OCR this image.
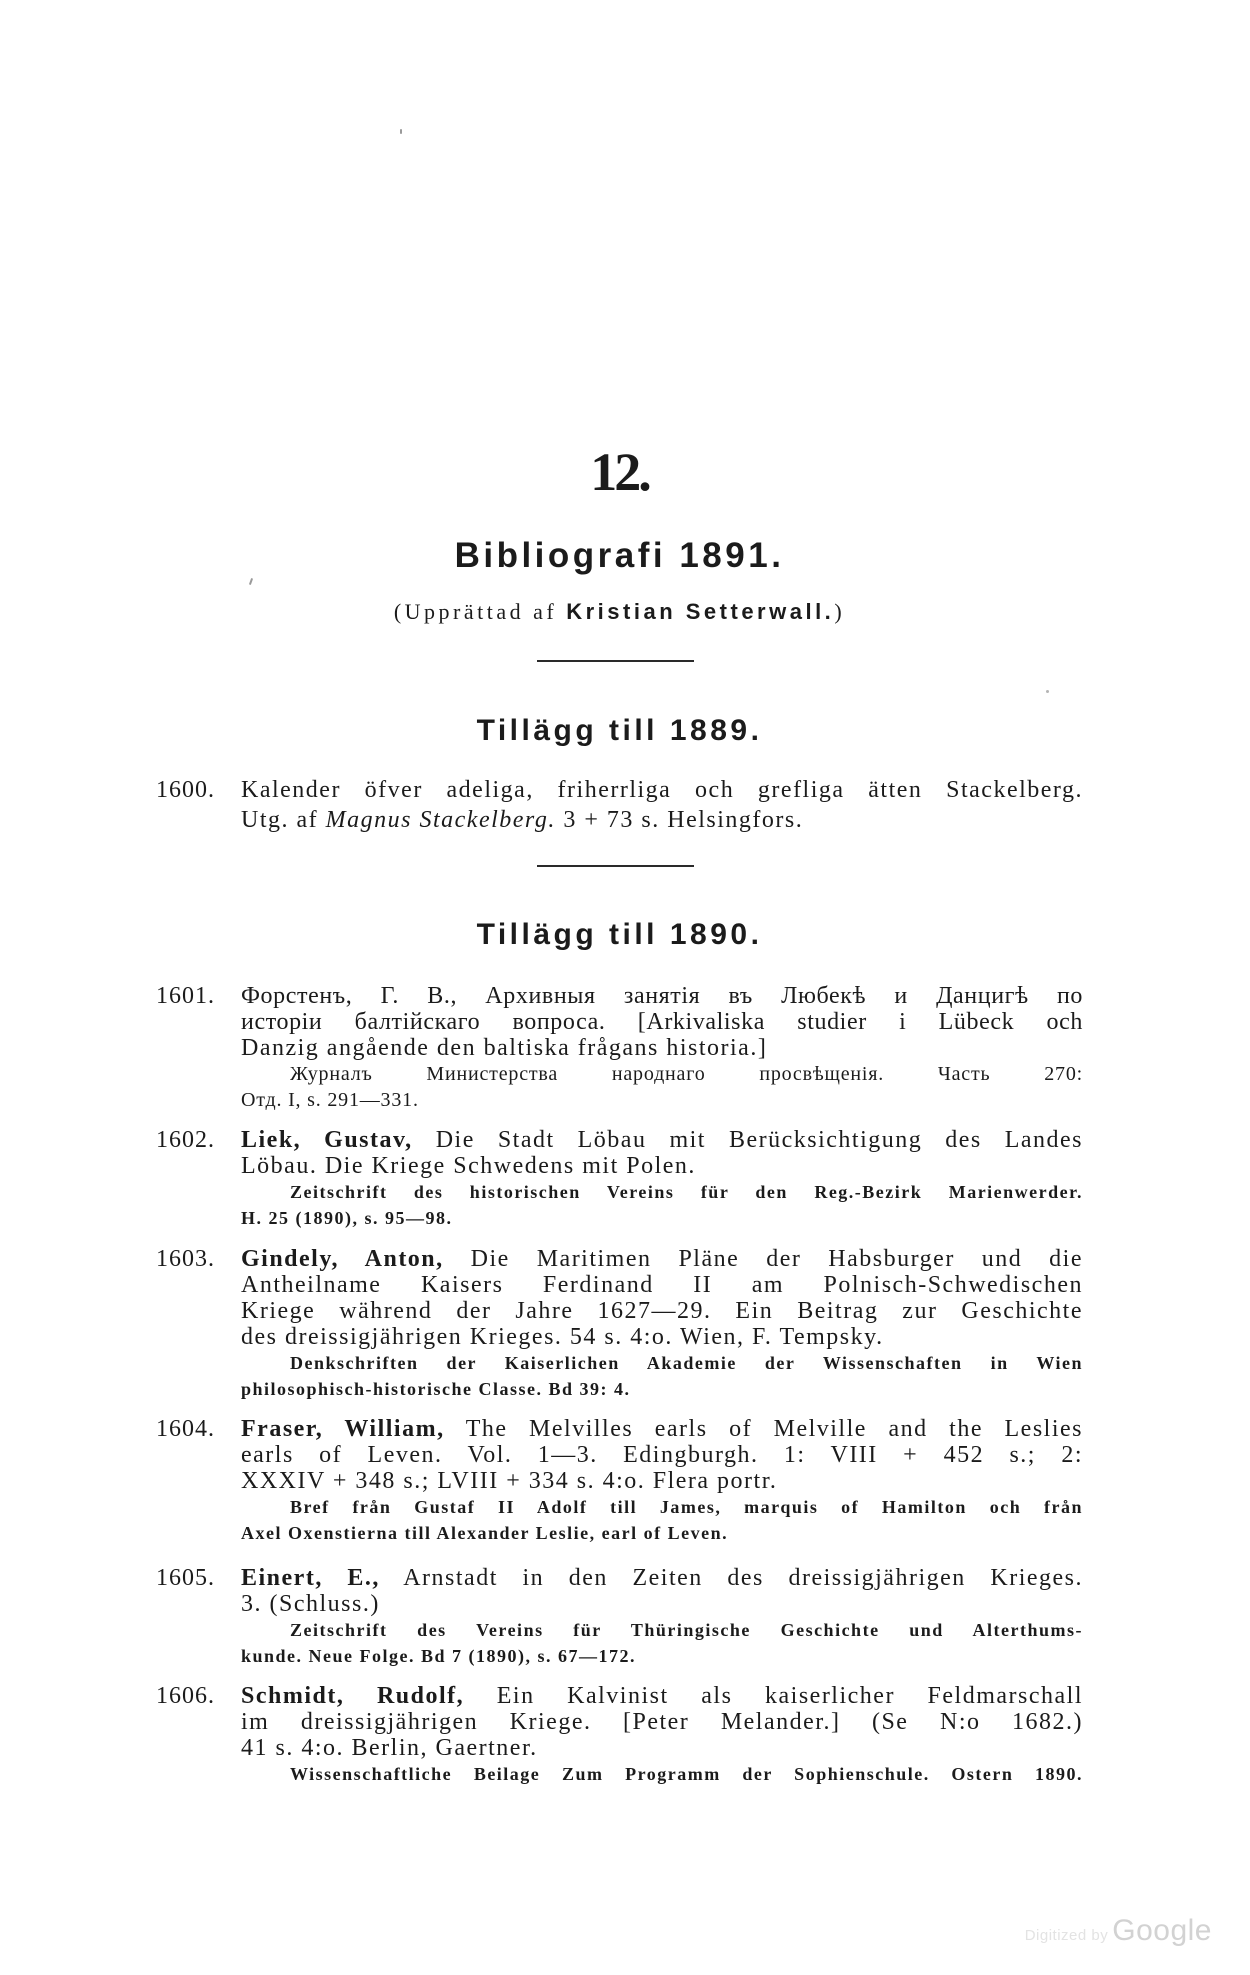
12.
Bibliografi 1891.
(Upprättad af Kristian Setterwall.)
Tillägg till 1889.
1600. Kalender öfver adeliga, friherrliga och grefliga ätten Stackelberg.
Utg. af Magnus Stackelberg. 3 + 73 s. Helsingfors.
Tillägg till 1890.
1601. Форстенъ, Г. В., Архивныя занятія въ Любекѣ и Данцигѣ по
исторіи балтійскаго вопроса. [Arkivaliska studier i Lübeck och
Danzig angående den baltiska frågans historia.]
Журналъ Министерства народнаго просвѣщенія. Часть 270:
Отд. I, s. 291—331.
1602. Liek, Gustav, Die Stadt Löbau mit Berücksichtigung des Landes
Löbau. Die Kriege Schwedens mit Polen.
Zeitschrift des historischen Vereins für den Reg.-Bezirk Marienwerder.
H. 25 (1890), s. 95—98.
1603. Gindely, Anton, Die Maritimen Pläne der Habsburger und die
Antheilname Kaisers Ferdinand II am Polnisch-Schwedischen
Kriege während der Jahre 1627—29. Ein Beitrag zur Geschichte
des dreissigjährigen Krieges. 54 s. 4:o. Wien, F. Tempsky.
Denkschriften der Kaiserlichen Akademie der Wissenschaften in Wien
philosophisch-historische Classe. Bd 39: 4.
1604. Fraser, William, The Melvilles earls of Melville and the Leslies
earls of Leven. Vol. 1—3. Edingburgh. 1: VIII + 452 s.; 2:
XXXIV + 348 s.; LVIII + 334 s. 4:o. Flera portr.
Bref från Gustaf II Adolf till James, marquis of Hamilton och från
Axel Oxenstierna till Alexander Leslie, earl of Leven.
1605. Einert, E., Arnstadt in den Zeiten des dreissigjährigen Krieges.
3. (Schluss.)
Zeitschrift des Vereins für Thüringische Geschichte und Alterthums-
kunde. Neue Folge. Bd 7 (1890), s. 67—172.
1606. Schmidt, Rudolf, Ein Kalvinist als kaiserlicher Feldmarschall
im dreissigjährigen Kriege. [Peter Melander.] (Se N:o 1682.)
41 s. 4:o. Berlin, Gaertner.
Wissenschaftliche Beilage Zum Programm der Sophienschule. Ostern 1890.
Digitized by Google
